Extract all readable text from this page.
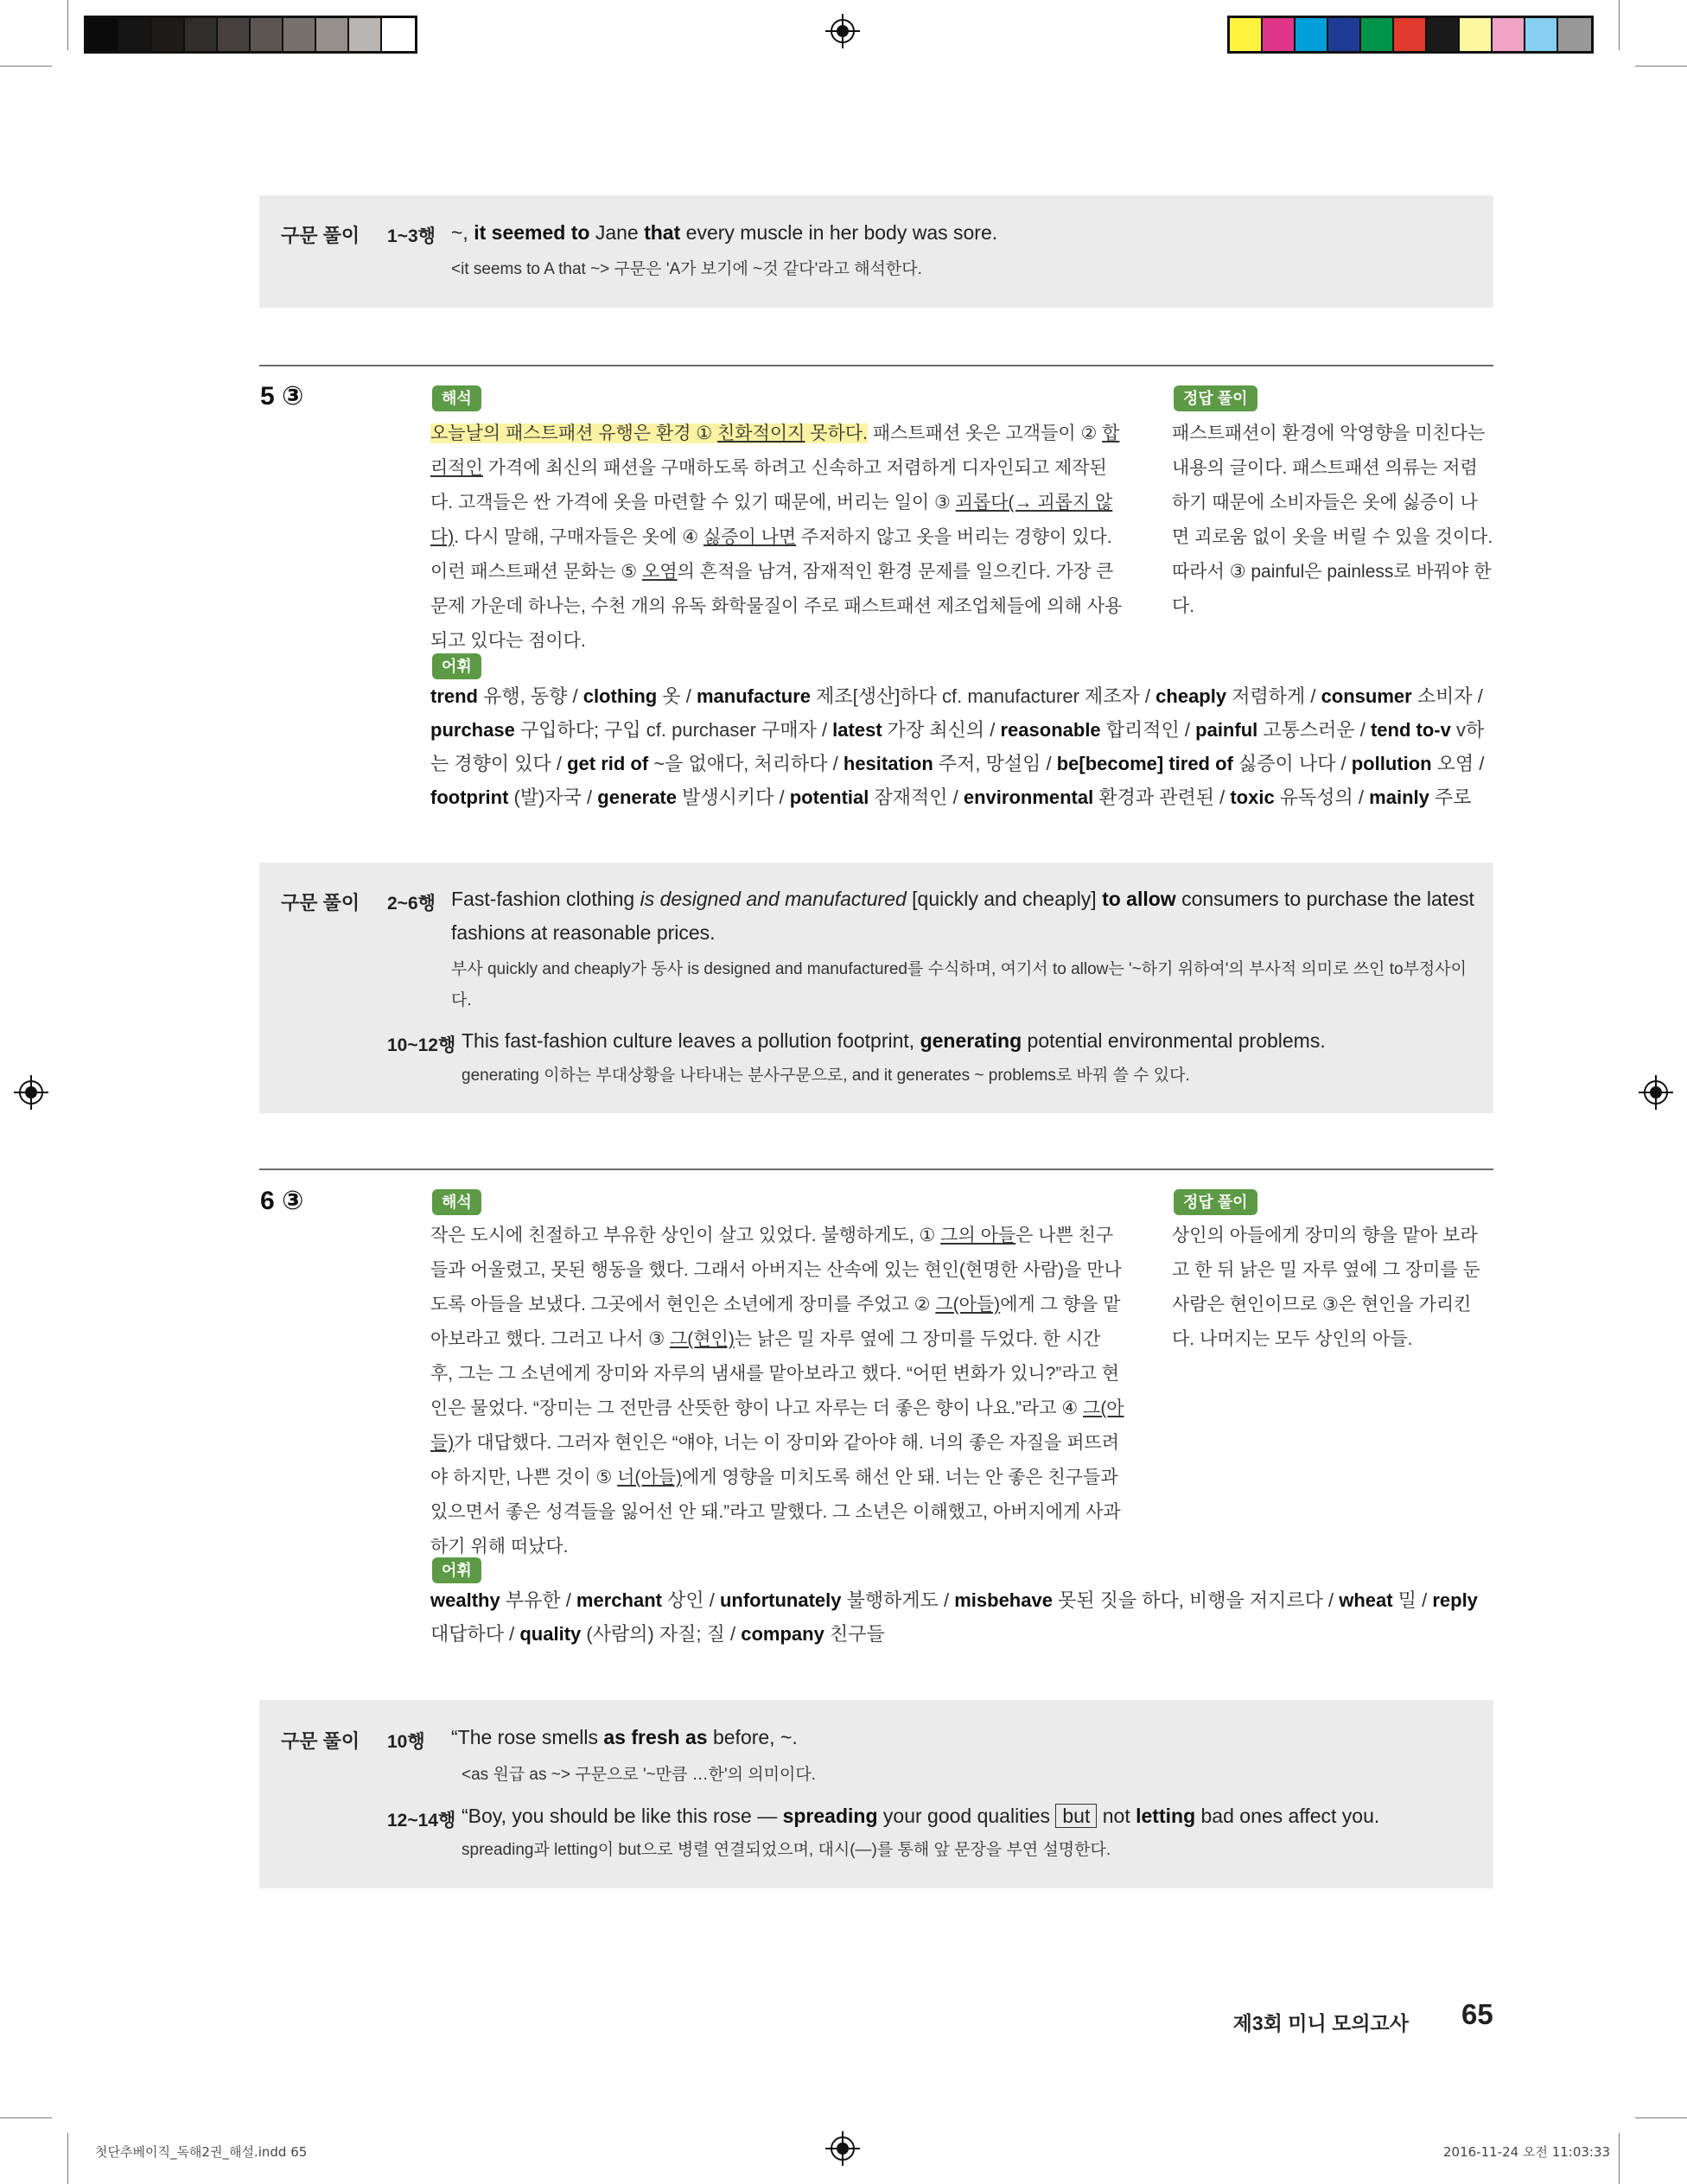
구문 풀이 1~3행 ~, it seemed to Jane that every muscle in her body was sore.
<it seems to A that ~> 구문은 'A가 보기에 ~것 같다'라고 해석한다.
5 ③	해석
오늘날의 패스트패션 유행은 환경 ① 친화적이지 못하다. 패스트패션 옷은 고객들이 ② 합리적인 가격에 최신의 패션을 구매하도록 하려고 신속하고 저렴하게 디자인되고 제작된다. 고객들은 싼 가격에 옷을 마련할 수 있기 때문에, 버리는 일이 ③ 괴롭다(→ 괴롭지 않다). 다시 말해, 구매자들은 옷에 ④ 싫증이 나면 주저하지 않고 옷을 버리는 경향이 있다. 이런 패스트패션 문화는 ⑤ 오염의 흔적을 남겨, 잠재적인 환경 문제를 일으킨다. 가장 큰 문제 가운데 하나는, 수천 개의 유독 화학물질이 주로 패스트패션 제조업체들에 의해 사용되고 있다는 점이다.
정답 풀이
패스트패션이 환경에 악영향을 미친다는 내용의 글이다. 패스트패션 의류는 저렴하기 때문에 소비자들은 옷에 싫증이 나면 괴로움 없이 옷을 버릴 수 있을 것이다. 따라서 ③ painful은 painless로 바꿔야 한다.
어휘
trend 유행, 동향 / clothing 옷 / manufacture 제조[생산]하다 cf. manufacturer 제조자 / cheaply 저렴하게 / consumer 소비자 / purchase 구입하다; 구입 cf. purchaser 구매자 / latest 가장 최신의 / reasonable 합리적인 / painful 고통스러운 / tend to-v v하는 경향이 있다 / get rid of ~을 없애다, 처리하다 / hesitation 주저, 망설임 / be[become] tired of 싫증이 나다 / pollution 오염 / footprint (발)자국 / generate 발생시키다 / potential 잠재적인 / environmental 환경과 관련된 / toxic 유독성의 / mainly 주로
구문 풀이 2~6행 Fast-fashion clothing is designed and manufactured [quickly and cheaply] to allow consumers to purchase the latest fashions at reasonable prices.
부사 quickly and cheaply가 동사 is designed and manufactured를 수식하며, 여기서 to allow는 '~하기 위하여'의 부사적 의미로 쓰인 to부정사이다.
10~12행 This fast-fashion culture leaves a pollution footprint, generating potential environmental problems.
generating 이하는 부대상황을 나타내는 분사구문으로, and it generates ~ problems로 바꿔 쓸 수 있다.
6 ③	해석
작은 도시에 친절하고 부유한 상인이 살고 있었다. 불행하게도, ① 그의 아들은 나쁜 친구들과 어울렸고, 못된 행동을 했다. 그래서 아버지는 산속에 있는 현인(현명한 사람)을 만나도록 아들을 보냈다. 그곳에서 현인은 소년에게 장미를 주었고 ② 그(아들)에게 그 향을 맡아보라고 했다. 그러고 나서 ③ 그(현인)는 낡은 밀 자루 옆에 그 장미를 두었다. 한 시간 후, 그는 그 소년에게 장미와 자루의 냄새를 맡아보라고 했다. “어떤 변화가 있니?”라고 현인은 물었다. “장미는 그 전만큼 산뜻한 향이 나고 자루는 더 좋은 향이 나요.”라고 ④ 그(아들)가 대답했다. 그러자 현인은 “얘야, 너는 이 장미와 같아야 해. 너의 좋은 자질을 퍼뜨려야 하지만, 나쁜 것이 ⑤ 너(아들)에게 영향을 미치도록 해선 안 돼. 너는 안 좋은 친구들과 있으면서 좋은 성격들을 잃어선 안 돼.”라고 말했다. 그 소년은 이해했고, 아버지에게 사과하기 위해 떠났다.
정답 풀이
상인의 아들에게 장미의 향을 맡아 보라고 한 뒤 낡은 밀 자루 옆에 그 장미를 둔 사람은 현인이므로 ③은 현인을 가리킨다. 나머지는 모두 상인의 아들.
어휘
wealthy 부유한 / merchant 상인 / unfortunately 불행하게도 / misbehave 못된 짓을 하다, 비행을 저지르다 / wheat 밀 / reply 대답하다 / quality (사람의) 자질; 질 / company 친구들
구문 풀이 10행 “The rose smells as fresh as before, ~.
<as 원급 as ~> 구문으로 '~만큼 …한'의 의미이다.
12~14행 “Boy, you should be like this rose — spreading your good qualities but not letting bad ones affect you.
spreading과 letting이 but으로 병렬 연결되었으며, 대시(—)를 통해 앞 문장을 부연 설명한다.
제3회 미니 모의고사 65
첫단추베이직_독해2권_해설.indd 65	2016-11-24 오전 11:03:33
